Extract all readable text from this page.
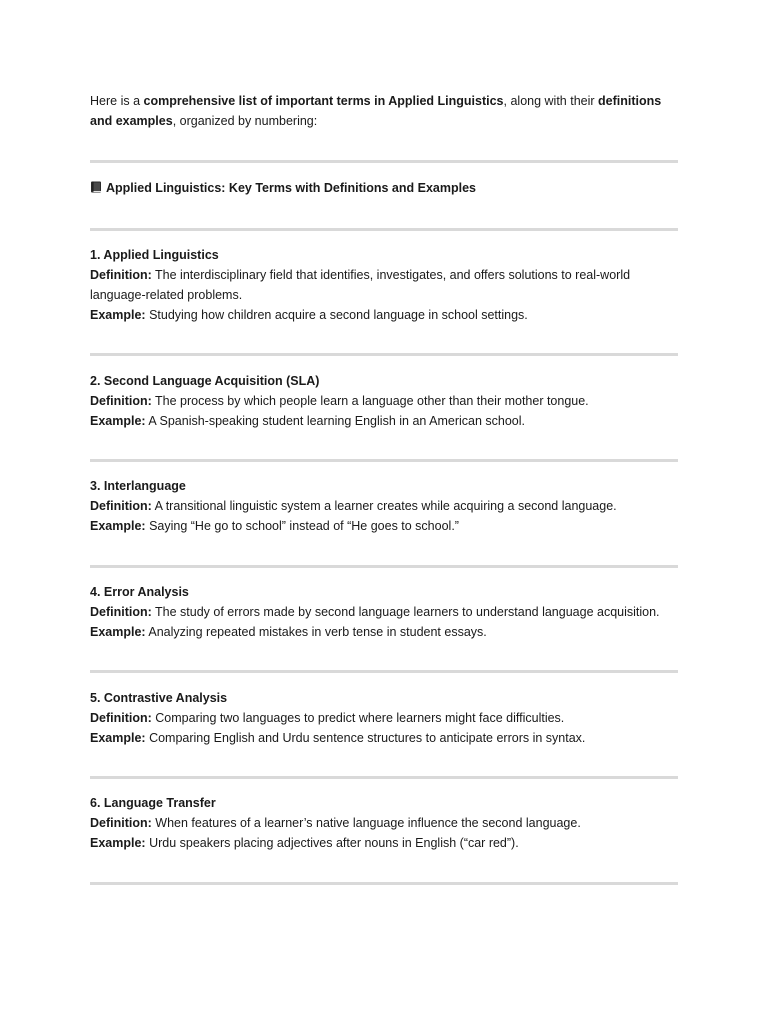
Here is a comprehensive list of important terms in Applied Linguistics, along with their definitions and examples, organized by numbering:

Applied Linguistics: Key Terms with Definitions and Examples
1. Applied Linguistics
Definition: The interdisciplinary field that identifies, investigates, and offers solutions to real-world language-related problems.
Example: Studying how children acquire a second language in school settings.
2. Second Language Acquisition (SLA)
Definition: The process by which people learn a language other than their mother tongue.
Example: A Spanish-speaking student learning English in an American school.
3. Interlanguage
Definition: A transitional linguistic system a learner creates while acquiring a second language.
Example: Saying “He go to school” instead of “He goes to school.”
4. Error Analysis
Definition: The study of errors made by second language learners to understand language acquisition.
Example: Analyzing repeated mistakes in verb tense in student essays.
5. Contrastive Analysis
Definition: Comparing two languages to predict where learners might face difficulties.
Example: Comparing English and Urdu sentence structures to anticipate errors in syntax.
6. Language Transfer
Definition: When features of a learner’s native language influence the second language.
Example: Urdu speakers placing adjectives after nouns in English (“car red”).
